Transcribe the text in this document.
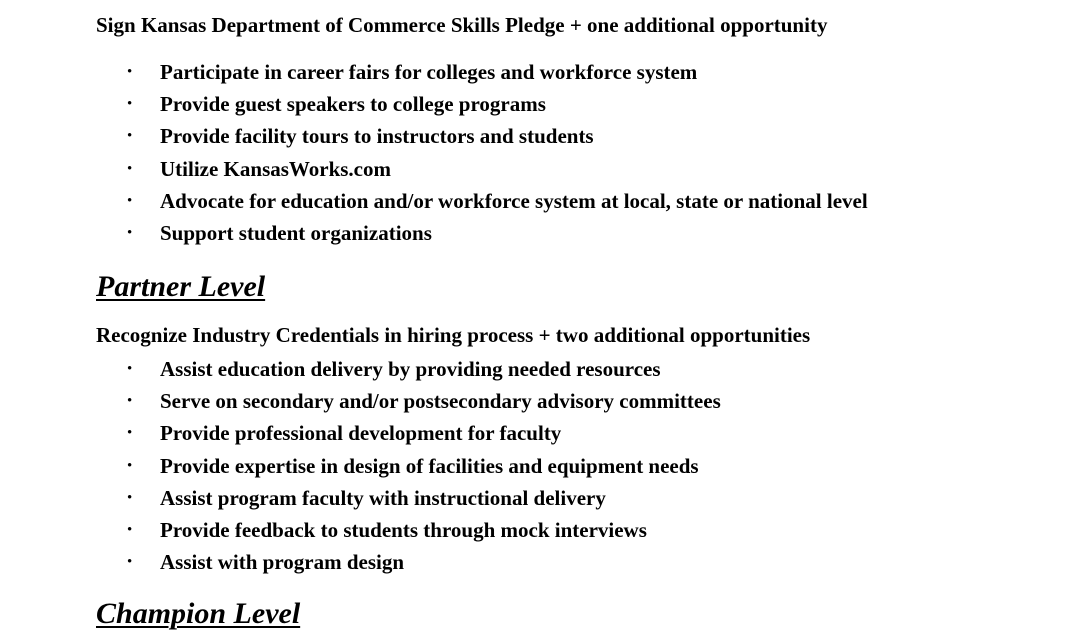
Sign Kansas Department of Commerce Skills Pledge + one additional opportunity
• Participate in career fairs for colleges and workforce system
• Provide guest speakers to college programs
• Provide facility tours to instructors and students
• Utilize KansasWorks.com
• Advocate for education and/or workforce system at local, state or national level
• Support student organizations
Partner Level
Recognize Industry Credentials in hiring process + two additional opportunities
• Assist education delivery by providing needed resources
• Serve on secondary and/or postsecondary advisory committees
• Provide professional development for faculty
• Provide expertise in design of facilities and equipment needs
• Assist program faculty with instructional delivery
• Provide feedback to students through mock interviews
• Assist with program design
Champion Level
